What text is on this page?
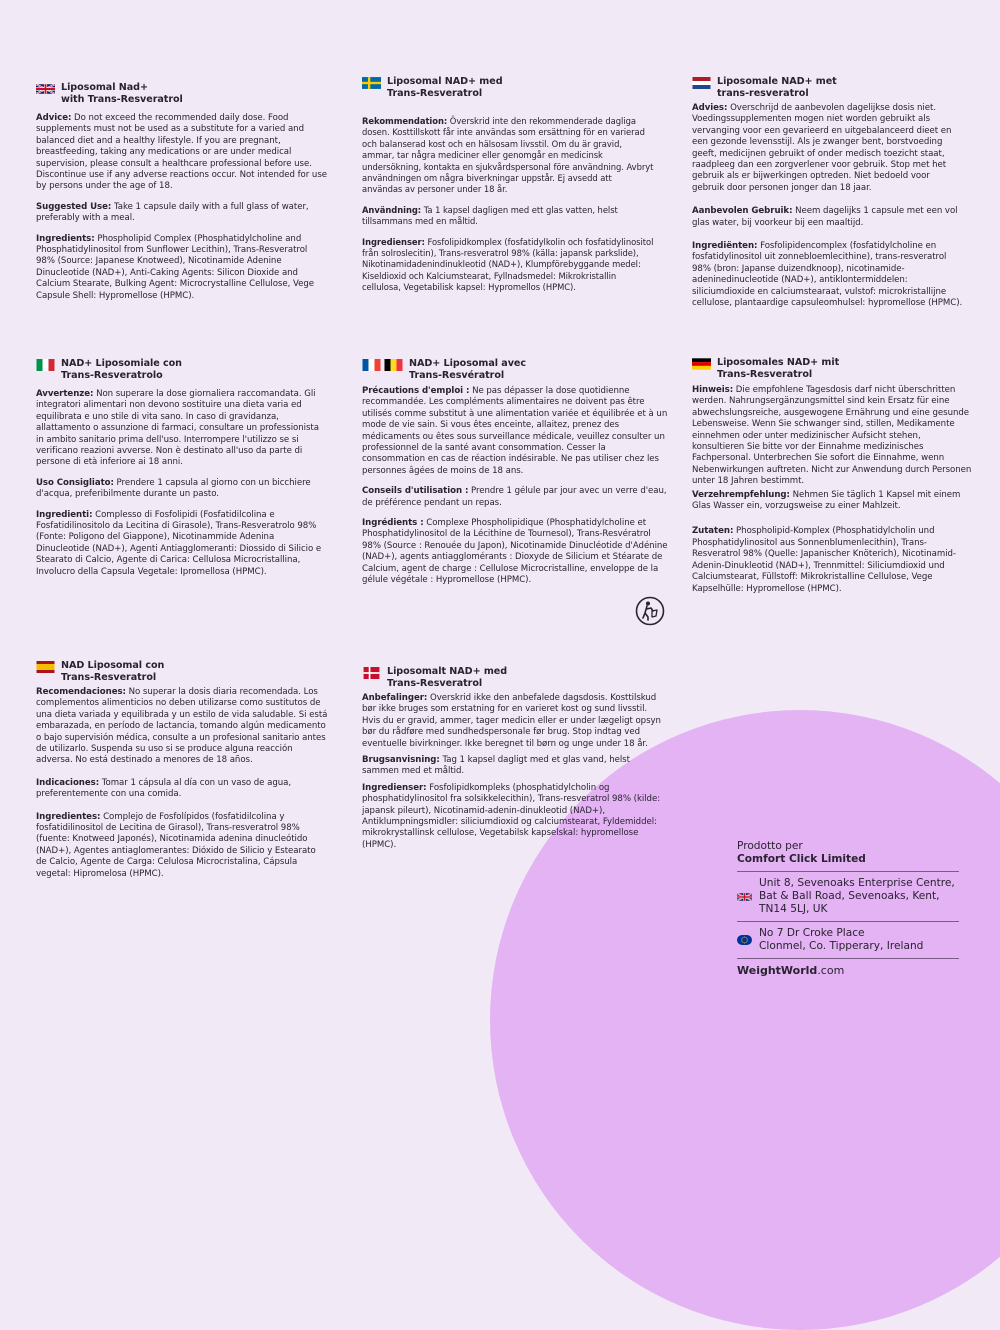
Liposomal Nad+
with Trans-Resveratrol

Advice: Do not exceed the recommended daily dose. Food supplements must not be used as a substitute for a varied and balanced diet and a healthy lifestyle. If you are pregnant, breastfeeding, taking any medications or are under medical supervision, please consult a healthcare professional before use. Discontinue use if any adverse reactions occur. Not intended for use by persons under the age of 18.

Suggested Use: Take 1 capsule daily with a full glass of water, preferably with a meal.

Ingredients: Phospholipid Complex (Phosphatidylcholine and Phosphatidylinositol from Sunflower Lecithin), Trans-Resveratrol 98% (Source: Japanese Knotweed), Nicotinamide Adenine Dinucleotide (NAD+), Anti-Caking Agents: Silicon Dioxide and Calcium Stearate, Bulking Agent: Microcrystalline Cellulose, Vege Capsule Shell: Hypromellose (HPMC).

Liposomal NAD+ med
Trans-Resveratrol

Rekommendation: Överskrid inte den rekommenderade dagliga dosen. Kosttillskott får inte användas som ersättning för en varierad och balanserad kost och en hälsosam livsstil. Om du är gravid, ammar, tar några mediciner eller genomgår en medicinsk undersökning, kontakta en sjukvårdspersonal före användning. Avbryt användningen om några biverkningar uppstår. Ej avsedd att användas av personer under 18 år.

Användning: Ta 1 kapsel dagligen med ett glas vatten, helst tillsammans med en måltid.

Ingredienser: Fosfolipidkomplex (fosfatidylkolin och fosfatidylinositol från solroslecitin), Trans-resveratrol 98% (källa: japansk parkslide), Nikotinamidadenindinukleotid (NAD+), Klumpförebyggande medel: Kiseldioxid och Kalciumstearat, Fyllnadsmedel: Mikrokristallin cellulosa, Vegetabilisk kapsel: Hypromellos (HPMC).

Liposomale NAD+ met
trans-resveratrol

Advies: Overschrijd de aanbevolen dagelijkse dosis niet. Voedingssupplementen mogen niet worden gebruikt als vervanging voor een gevarieerd en uitgebalanceerd dieet en een gezonde levensstijl. Als je zwanger bent, borstvoeding geeft, medicijnen gebruikt of onder medisch toezicht staat, raadpleeg dan een zorgverlener voor gebruik. Stop met het gebruik als er bijwerkingen optreden. Niet bedoeld voor gebruik door personen jonger dan 18 jaar.

Aanbevolen Gebruik: Neem dagelijks 1 capsule met een vol glas water, bij voorkeur bij een maaltijd.

Ingrediënten: Fosfolipidencomplex (fosfatidylcholine en fosfatidylinositol uit zonnebloemlecithine), trans-resveratrol 98% (bron: Japanse duizendknoop), nicotinamide-adeninedinucleotide (NAD+), antiklontermiddelen: siliciumdioxide en calciumstearaat, vulstof: microkristallijne cellulose, plantaardige capsuleomhulsel: hypromellose (HPMC).

NAD+ Liposomiale con
Trans-Resveratrolo

Avvertenze: Non superare la dose giornaliera raccomandata. Gli integratori alimentari non devono sostituire una dieta varia ed equilibrata e uno stile di vita sano. In caso di gravidanza, allattamento o assunzione di farmaci, consultare un professionista in ambito sanitario prima dell'uso. Interrompere l'utilizzo se si verificano reazioni avverse. Non è destinato all'uso da parte di persone di età inferiore ai 18 anni.

Uso Consigliato: Prendere 1 capsula al giorno con un bicchiere d'acqua, preferibilmente durante un pasto.

Ingredienti: Complesso di Fosfolipidi (Fosfatidilcolina e Fosfatidilinositolo da Lecitina di Girasole), Trans-Resveratrolo 98% (Fonte: Poligono del Giappone), Nicotinammide Adenina Dinucleotide (NAD+), Agenti Antiagglomeranti: Diossido di Silicio e Stearato di Calcio, Agente di Carica: Cellulosa Microcristallina, Involucro della Capsula Vegetale: Ipromellosa (HPMC).

NAD+ Liposomal avec
Trans-Resvératrol

Précautions d'emploi : Ne pas dépasser la dose quotidienne recommandée. Les compléments alimentaires ne doivent pas être utilisés comme substitut à une alimentation variée et équilibrée et à un mode de vie sain. Si vous êtes enceinte, allaitez, prenez des médicaments ou êtes sous surveillance médicale, veuillez consulter un professionnel de la santé avant consommation. Cesser la consommation en cas de réaction indésirable. Ne pas utiliser chez les personnes âgées de moins de 18 ans.

Conseils d'utilisation : Prendre 1 gélule par jour avec un verre d'eau, de préférence pendant un repas.

Ingrédients : Complexe Phospholipidique (Phosphatidylcholine et Phosphatidylinositol de la Lécithine de Tournesol), Trans-Resvératrol 98% (Source : Renouée du Japon), Nicotinamide Dinucléotide d'Adénine (NAD+), agents antiagglomérants : Dioxyde de Silicium et Stéarate de Calcium, agent de charge : Cellulose Microcristalline, enveloppe de la gélule végétale : Hypromellose (HPMC).

Liposomales NAD+ mit
Trans-Resveratrol

Hinweis: Die empfohlene Tagesdosis darf nicht überschritten werden. Nahrungsergänzungsmittel sind kein Ersatz für eine abwechslungsreiche, ausgewogene Ernährung und eine gesunde Lebensweise. Wenn Sie schwanger sind, stillen, Medikamente einnehmen oder unter medizinischer Aufsicht stehen, konsultieren Sie bitte vor der Einnahme medizinisches Fachpersonal. Unterbrechen Sie sofort die Einnahme, wenn Nebenwirkungen auftreten. Nicht zur Anwendung durch Personen unter 18 Jahren bestimmt.

Verzehrempfehlung: Nehmen Sie täglich 1 Kapsel mit einem Glas Wasser ein, vorzugsweise zu einer Mahlzeit.

Zutaten: Phospholipid-Komplex (Phosphatidylcholin und Phosphatidylinositol aus Sonnenblumenlecithin), Trans-Resveratrol 98% (Quelle: Japanischer Knöterich), Nicotinamid-Adenin-Dinukleotid (NAD+), Trennmittel: Siliciumdioxid und Calciumstearat, Füllstoff: Mikrokristalline Cellulose, Vege Kapselhülle: Hypromellose (HPMC).

NAD Liposomal con
Trans-Resveratrol

Recomendaciones: No superar la dosis diaria recomendada. Los complementos alimenticios no deben utilizarse como sustitutos de una dieta variada y equilibrada y un estilo de vida saludable. Si está embarazada, en período de lactancia, tomando algún medicamento o bajo supervisión médica, consulte a un profesional sanitario antes de utilizarlo. Suspenda su uso si se produce alguna reacción adversa. No está destinado a menores de 18 años.

Indicaciones: Tomar 1 cápsula al día con un vaso de agua, preferentemente con una comida.

Ingredientes: Complejo de Fosfolípidos (fosfatidilcolina y fosfatidilinositol de Lecitina de Girasol), Trans-resveratrol 98% (fuente: Knotweed Japonés), Nicotinamida adenina dinucleótido (NAD+), Agentes antiaglomerantes: Dióxido de Silicio y Estearato de Calcio, Agente de Carga: Celulosa Microcristalina, Cápsula vegetal: Hipromelosa (HPMC).

Liposomalt NAD+ med
Trans-Resveratrol

Anbefalinger: Overskrid ikke den anbefalede dagsdosis. Kosttilskud bør ikke bruges som erstatning for en varieret kost og sund livsstil. Hvis du er gravid, ammer, tager medicin eller er under lægeligt opsyn bør du rådføre med sundhedspersonale før brug. Stop indtag ved eventuelle bivirkninger. Ikke beregnet til børn og unge under 18 år.

Brugsanvisning: Tag 1 kapsel dagligt med et glas vand, helst sammen med et måltid.

Ingredienser: Fosfolipidkompleks (phosphatidylcholin og phosphatidylinositol fra solsikkelecithin), Trans-resveratrol 98% (kilde: japansk pileurt), Nicotinamid-adenin-dinukleotid (NAD+), Antiklumpningsmidler: siliciumdioxid og calciumstearat, Fyldemiddel: mikrokrystallinsk cellulose, Vegetabilsk kapselskal: hypromellose (HPMC).	Prodotto per
Comfort Click Limited
Unit 8, Sevenoaks Enterprise Centre,
Bat & Ball Road, Sevenoaks, Kent,
TN14 5LJ, UK
No 7 Dr Croke Place
Clonmel, Co. Tipperary, Ireland
WeightWorld.com
